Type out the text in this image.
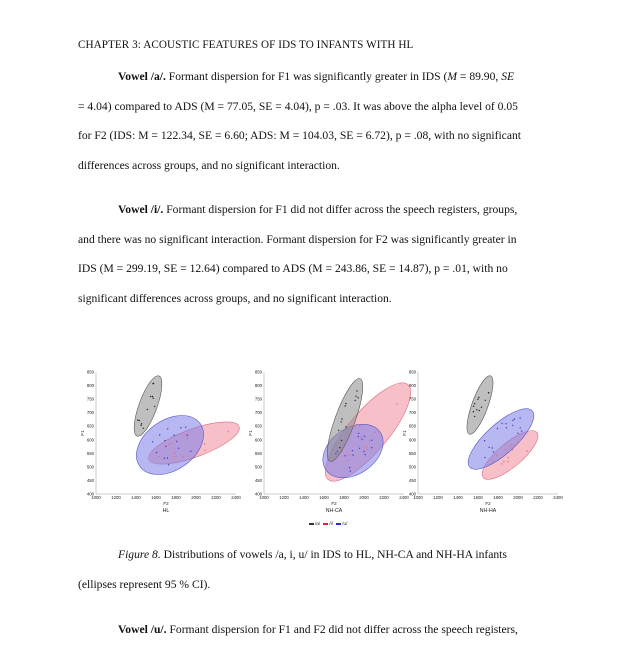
CHAPTER 3: ACOUSTIC FEATURES OF IDS TO INFANTS WITH HL
Vowel /a/. Formant dispersion for F1 was significantly greater in IDS (M = 89.90, SE
= 4.04) compared to ADS (M = 77.05, SE = 4.04), p = .03. It was above the alpha level of 0.05
for F2 (IDS: M = 122.34, SE = 6.60; ADS: M = 104.03, SE = 6.72), p = .08, with no significant
differences across groups, and no significant interaction.
Vowel /i/. Formant dispersion for F1 did not differ across the speech registers, groups,
and there was no significant interaction. Formant dispersion for F2 was significantly greater in
IDS (M = 299.19, SE = 12.64) compared to ADS (M = 243.86, SE = 14.87), p = .01, with no
significant differences across groups, and no significant interaction.
850
800
750
700
650
600
550
500
450
400
1000 1200 1400 1600 1800 2000 2200 2400
F1
F2
HL
850
800
750
700
650
600
550
500
450
400
1000 1200 1400 1600 1800 2000 2200 2400
F1
F2
NH-CA
850
800
750
700
650
600
550
500
450
400
1000 1200 1400 1600 1800 2000 2200 2400
F1
F2
NH-HA
/a/ /i/ /u/
Figure 8. Distributions of vowels /a, i, u/ in IDS to HL, NH-CA and NH-HA infants
(ellipses represent 95 % CI).
Vowel /u/. Formant dispersion for F1 and F2 did not differ across the speech registers,
